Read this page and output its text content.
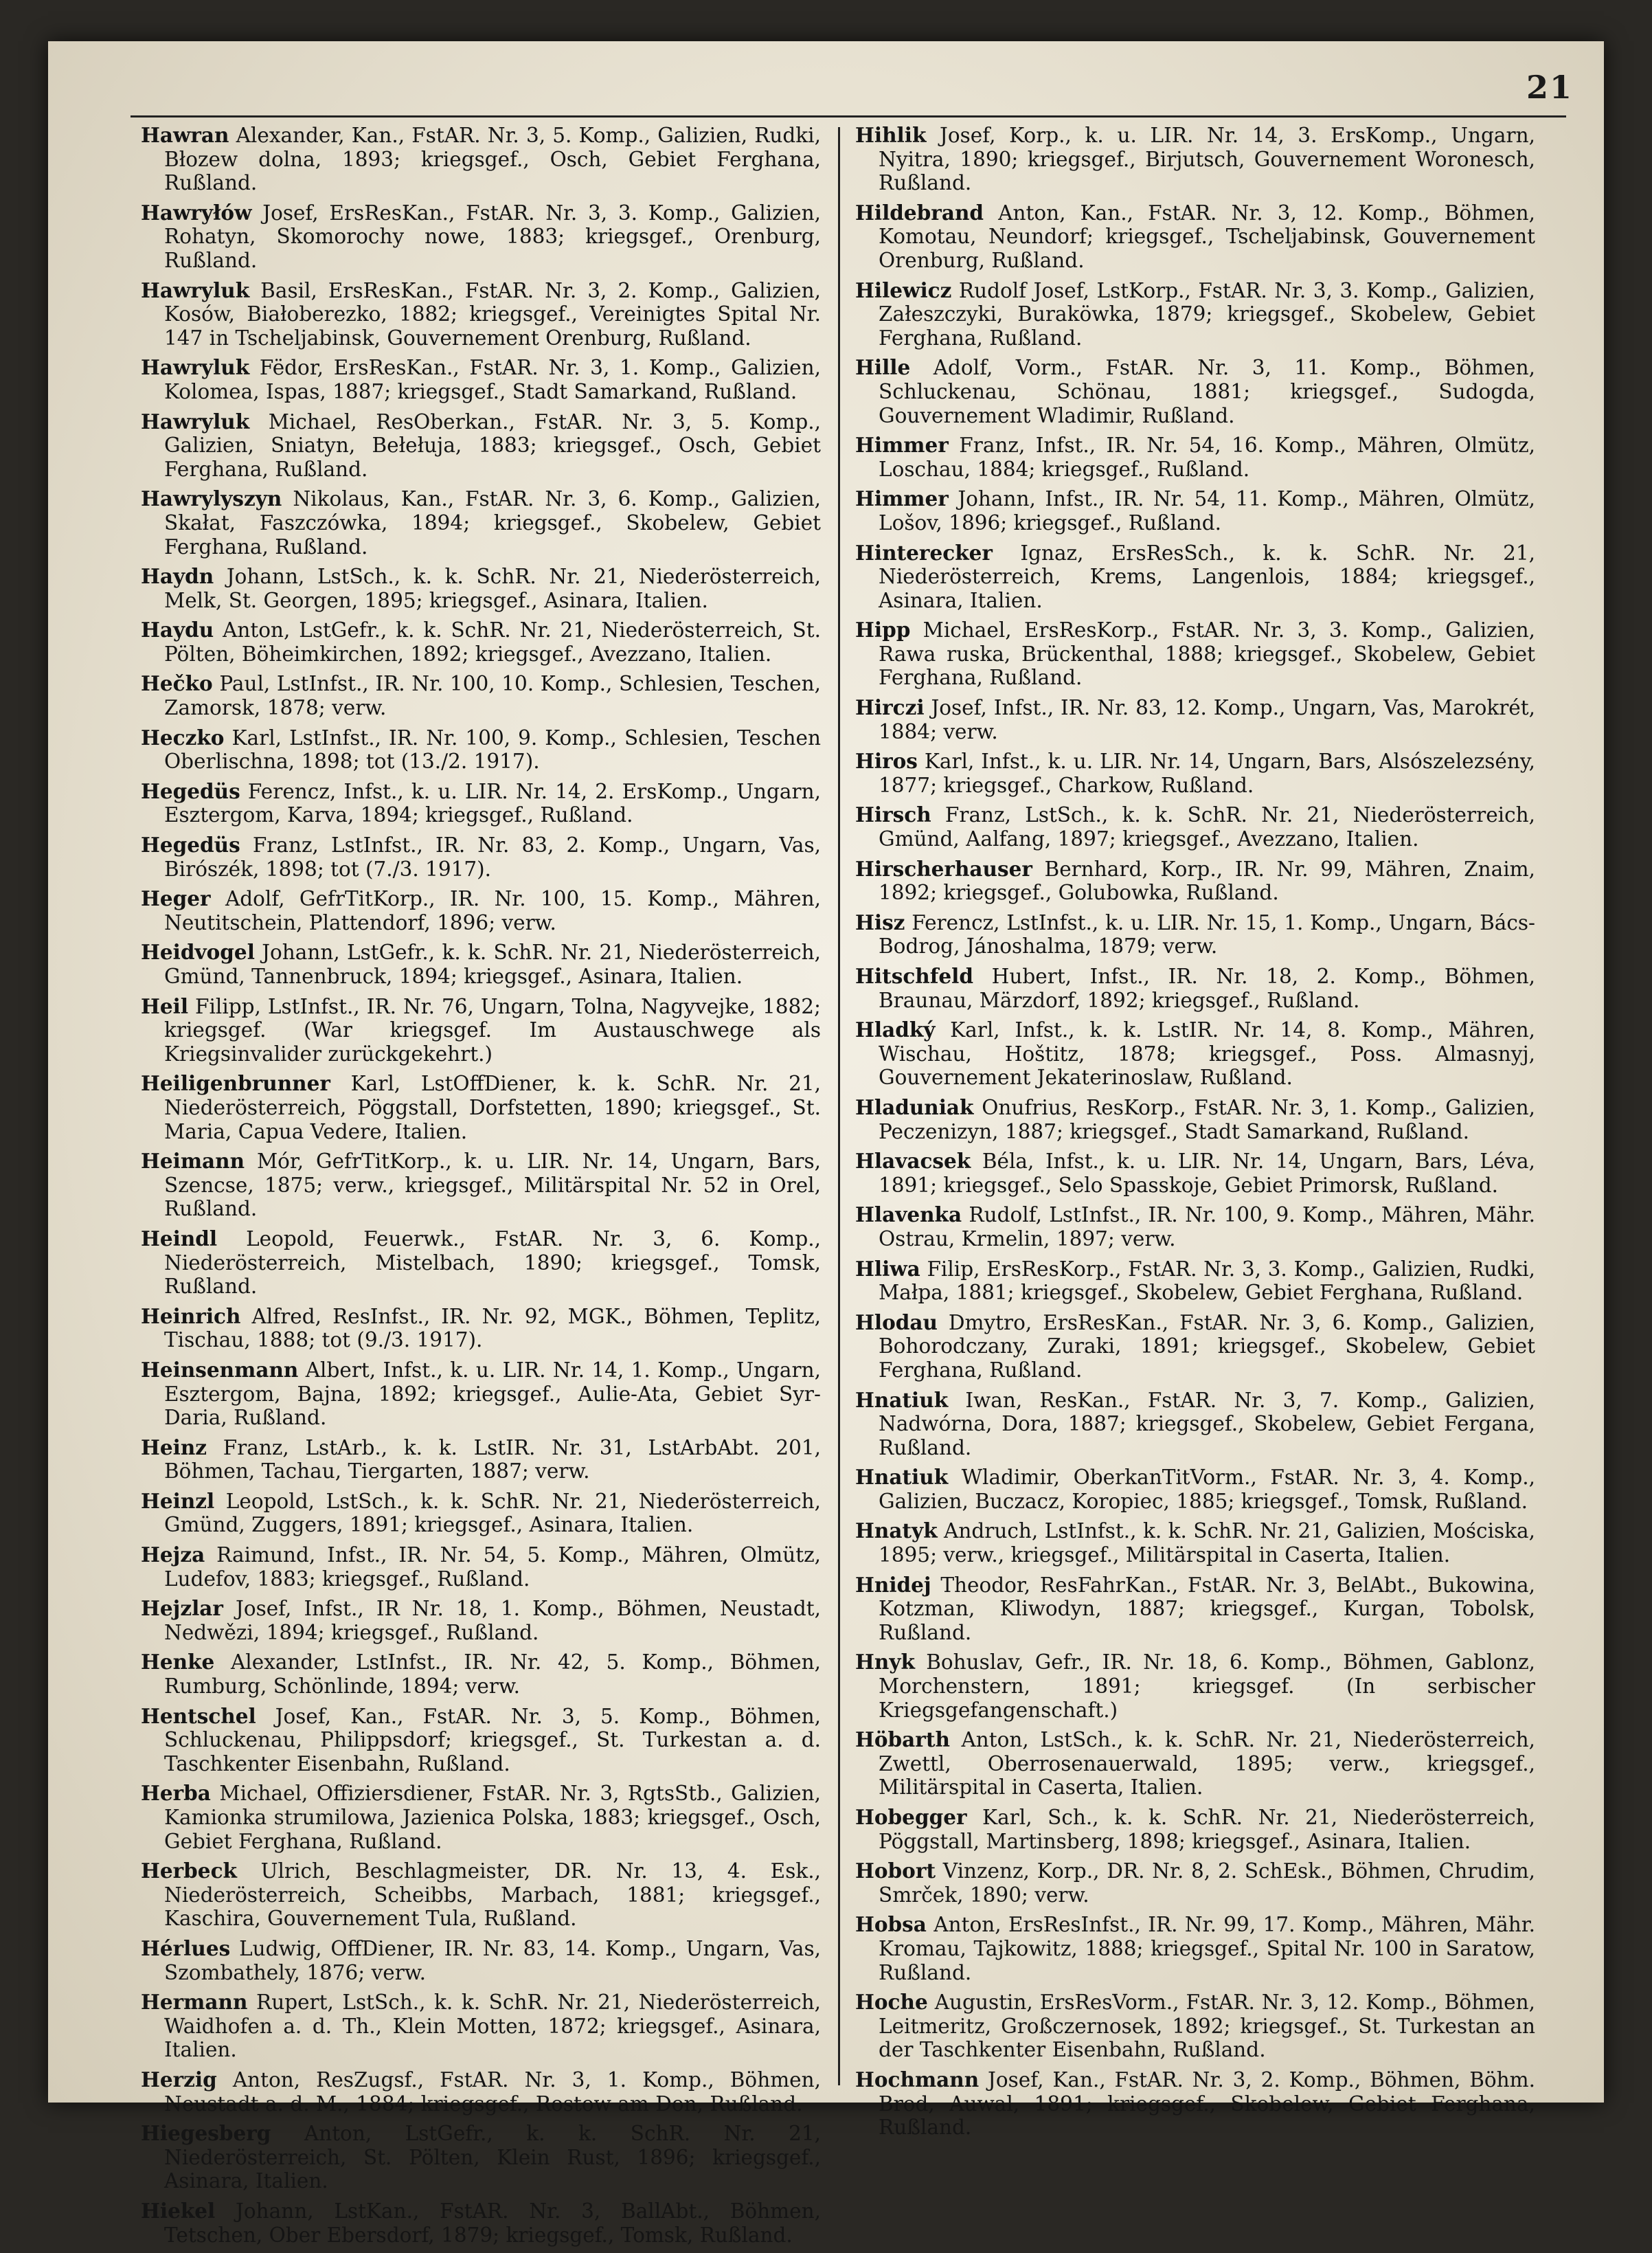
21

Hawran Alexander, Kan., FstAR. Nr. 3, 5. Komp., Galizien, Rudki, Błozew dolna, 1893; kriegsgef., Osch, Gebiet Ferghana, Rußland.

Hawryłów Josef, ErsResKan., FstAR. Nr. 3, 3. Komp., Galizien, Rohatyn, Skomorochy nowe, 1883; kriegsgef., Orenburg, Rußland.

Hawryluk Basil, ErsResKan., FstAR. Nr. 3, 2. Komp., Galizien, Kosów, Białoberezko, 1882; kriegsgef., Vereinigtes Spital Nr. 147 in Tscheljabinsk, Gouvernement Orenburg, Rußland.

Hawryluk Fëdor, ErsResKan., FstAR. Nr. 3, 1. Komp., Galizien, Kolomea, Ispas, 1887; kriegsgef., Stadt Samarkand, Rußland.

Hawryluk Michael, ResOberkan., FstAR. Nr. 3, 5. Komp., Galizien, Sniatyn, Bełełuja, 1883; kriegsgef., Osch, Gebiet Ferghana, Rußland.

Hawrylyszyn Nikolaus, Kan., FstAR. Nr. 3, 6. Komp., Galizien, Skałat, Faszczówka, 1894; kriegsgef., Skobelew, Gebiet Ferghana, Rußland.

Haydn Johann, LstSch., k. k. SchR. Nr. 21, Niederösterreich, Melk, St. Georgen, 1895; kriegsgef., Asinara, Italien.

Haydu Anton, LstGefr., k. k. SchR. Nr. 21, Niederösterreich, St. Pölten, Böheimkirchen, 1892; kriegsgef., Avezzano, Italien.

Hečko Paul, LstInfst., IR. Nr. 100, 10. Komp., Schlesien, Teschen, Zamorsk, 1878; verw.

Heczko Karl, LstInfst., IR. Nr. 100, 9. Komp., Schlesien, Teschen Oberlischna, 1898; tot (13./2. 1917).

Hegedüs Ferencz, Infst., k. u. LIR. Nr. 14, 2. ErsKomp., Ungarn, Esztergom, Karva, 1894; kriegsgef., Rußland.

Hegedüs Franz, LstInfst., IR. Nr. 83, 2. Komp., Ungarn, Vas, Birószék, 1898; tot (7./3. 1917).

Heger Adolf, GefrTitKorp., IR. Nr. 100, 15. Komp., Mähren, Neutitschein, Plattendorf, 1896; verw.

Heidvogel Johann, LstGefr., k. k. SchR. Nr. 21, Niederösterreich, Gmünd, Tannenbruck, 1894; kriegsgef., Asinara, Italien.

Heil Filipp, LstInfst., IR. Nr. 76, Ungarn, Tolna, Nagyvejke, 1882; kriegsgef. (War kriegsgef. Im Austauschwege als Kriegsinvalider zurückgekehrt.)

Heiligenbrunner Karl, LstOffDiener, k. k. SchR. Nr. 21, Niederösterreich, Pöggstall, Dorfstetten, 1890; kriegsgef., St. Maria, Capua Vedere, Italien.

Heimann Mór, GefrTitKorp., k. u. LIR. Nr. 14, Ungarn, Bars, Szencse, 1875; verw., kriegsgef., Militärspital Nr. 52 in Orel, Rußland.

Heindl Leopold, Feuerwk., FstAR. Nr. 3, 6. Komp., Niederösterreich, Mistelbach, 1890; kriegsgef., Tomsk, Rußland.

Heinrich Alfred, ResInfst., IR. Nr. 92, MGK., Böhmen, Teplitz, Tischau, 1888; tot (9./3. 1917).

Heinsenmann Albert, Infst., k. u. LIR. Nr. 14, 1. Komp., Ungarn, Esztergom, Bajna, 1892; kriegsgef., Aulie-Ata, Gebiet Syr-Daria, Rußland.

Heinz Franz, LstArb., k. k. LstIR. Nr. 31, LstArbAbt. 201, Böhmen, Tachau, Tiergarten, 1887; verw.

Heinzl Leopold, LstSch., k. k. SchR. Nr. 21, Niederösterreich, Gmünd, Zuggers, 1891; kriegsgef., Asinara, Italien.

Hejza Raimund, Infst., IR. Nr. 54, 5. Komp., Mähren, Olmütz, Ludefov, 1883; kriegsgef., Rußland.

Hejzlar Josef, Infst., IR Nr. 18, 1. Komp., Böhmen, Neustadt, Nedwězi, 1894; kriegsgef., Rußland.

Henke Alexander, LstInfst., IR. Nr. 42, 5. Komp., Böhmen, Rumburg, Schönlinde, 1894; verw.

Hentschel Josef, Kan., FstAR. Nr. 3, 5. Komp., Böhmen, Schluckenau, Philippsdorf; kriegsgef., St. Turkestan a. d. Taschkenter Eisenbahn, Rußland.

Herba Michael, Offiziersdiener, FstAR. Nr. 3, RgtsStb., Galizien, Kamionka strumilowa, Jazienica Polska, 1883; kriegsgef., Osch, Gebiet Ferghana, Rußland.

Herbeck Ulrich, Beschlagmeister, DR. Nr. 13, 4. Esk., Niederösterreich, Scheibbs, Marbach, 1881; kriegsgef., Kaschira, Gouvernement Tula, Rußland.

Hérlues Ludwig, OffDiener, IR. Nr. 83, 14. Komp., Ungarn, Vas, Szombathely, 1876; verw.

Hermann Rupert, LstSch., k. k. SchR. Nr. 21, Niederösterreich, Waidhofen a. d. Th., Klein Motten, 1872; kriegsgef., Asinara, Italien.

Herzig Anton, ResZugsf., FstAR. Nr. 3, 1. Komp., Böhmen, Neustadt a. d. M., 1884; kriegsgef., Rostow am Don, Rußland.

Hiegesberg Anton, LstGefr., k. k. SchR. Nr. 21, Niederösterreich, St. Pölten, Klein Rust, 1896; kriegsgef., Asinara, Italien.

Hiekel Johann, LstKan., FstAR. Nr. 3, BallAbt., Böhmen, Tetschen, Ober Ebersdorf, 1879; kriegsgef., Tomsk, Rußland.

Hihlik Josef, Korp., k. u. LIR. Nr. 14, 3. ErsKomp., Ungarn, Nyitra, 1890; kriegsgef., Birjutsch, Gouvernement Woronesch, Rußland.

Hildebrand Anton, Kan., FstAR. Nr. 3, 12. Komp., Böhmen, Komotau, Neundorf; kriegsgef., Tscheljabinsk, Gouvernement Orenburg, Rußland.

Hilewicz Rudolf Josef, LstKorp., FstAR. Nr. 3, 3. Komp., Galizien, Załeszczyki, Buraköwka, 1879; kriegsgef., Skobelew, Gebiet Ferghana, Rußland.

Hille Adolf, Vorm., FstAR. Nr. 3, 11. Komp., Böhmen, Schluckenau, Schönau, 1881; kriegsgef., Sudogda, Gouvernement Wladimir, Rußland.

Himmer Franz, Infst., IR. Nr. 54, 16. Komp., Mähren, Olmütz, Loschau, 1884; kriegsgef., Rußland.

Himmer Johann, Infst., IR. Nr. 54, 11. Komp., Mähren, Olmütz, Lošov, 1896; kriegsgef., Rußland.

Hinterecker Ignaz, ErsResSch., k. k. SchR. Nr. 21, Niederösterreich, Krems, Langenlois, 1884; kriegsgef., Asinara, Italien.

Hipp Michael, ErsResKorp., FstAR. Nr. 3, 3. Komp., Galizien, Rawa ruska, Brückenthal, 1888; kriegsgef., Skobelew, Gebiet Ferghana, Rußland.

Hirczi Josef, Infst., IR. Nr. 83, 12. Komp., Ungarn, Vas, Marokrét, 1884; verw.

Hiros Karl, Infst., k. u. LIR. Nr. 14, Ungarn, Bars, Alsószelezsény, 1877; kriegsgef., Charkow, Rußland.

Hirsch Franz, LstSch., k. k. SchR. Nr. 21, Niederösterreich, Gmünd, Aalfang, 1897; kriegsgef., Avezzano, Italien.

Hirscherhauser Bernhard, Korp., IR. Nr. 99, Mähren, Znaim, 1892; kriegsgef., Golubowka, Rußland.

Hisz Ferencz, LstInfst., k. u. LIR. Nr. 15, 1. Komp., Ungarn, Bács-Bodrog, Jánoshalma, 1879; verw.

Hitschfeld Hubert, Infst., IR. Nr. 18, 2. Komp., Böhmen, Braunau, Märzdorf, 1892; kriegsgef., Rußland.

Hladký Karl, Infst., k. k. LstIR. Nr. 14, 8. Komp., Mähren, Wischau, Hoštitz, 1878; kriegsgef., Poss. Almasnyj, Gouvernement Jekaterinoslaw, Rußland.

Hladuniak Onufrius, ResKorp., FstAR. Nr. 3, 1. Komp., Galizien, Peczenizyn, 1887; kriegsgef., Stadt Samarkand, Rußland.

Hlavacsek Béla, Infst., k. u. LIR. Nr. 14, Ungarn, Bars, Léva, 1891; kriegsgef., Selo Spasskoje, Gebiet Primorsk, Rußland.

Hlavenka Rudolf, LstInfst., IR. Nr. 100, 9. Komp., Mähren, Mähr. Ostrau, Krmelin, 1897; verw.

Hliwa Filip, ErsResKorp., FstAR. Nr. 3, 3. Komp., Galizien, Rudki, Małpa, 1881; kriegsgef., Skobelew, Gebiet Ferghana, Rußland.

Hlodau Dmytro, ErsResKan., FstAR. Nr. 3, 6. Komp., Galizien, Bohorodczany, Zuraki, 1891; kriegsgef., Skobelew, Gebiet Ferghana, Rußland.

Hnatiuk Iwan, ResKan., FstAR. Nr. 3, 7. Komp., Galizien, Nadwórna, Dora, 1887; kriegsgef., Skobelew, Gebiet Fergana, Rußland.

Hnatiuk Wladimir, OberkanTitVorm., FstAR. Nr. 3, 4. Komp., Galizien, Buczacz, Koropiec, 1885; kriegsgef., Tomsk, Rußland.

Hnatyk Andruch, LstInfst., k. k. SchR. Nr. 21, Galizien, Mościska, 1895; verw., kriegsgef., Militärspital in Caserta, Italien.

Hnidej Theodor, ResFahrKan., FstAR. Nr. 3, BelAbt., Bukowina, Kotzman, Kliwodyn, 1887; kriegsgef., Kurgan, Tobolsk, Rußland.

Hnyk Bohuslav, Gefr., IR. Nr. 18, 6. Komp., Böhmen, Gablonz, Morchenstern, 1891; kriegsgef. (In serbischer Kriegsgefangenschaft.)

Höbarth Anton, LstSch., k. k. SchR. Nr. 21, Niederösterreich, Zwettl, Oberrosenauerwald, 1895; verw., kriegsgef., Militärspital in Caserta, Italien.

Hobegger Karl, Sch., k. k. SchR. Nr. 21, Niederösterreich, Pöggstall, Martinsberg, 1898; kriegsgef., Asinara, Italien.

Hobort Vinzenz, Korp., DR. Nr. 8, 2. SchEsk., Böhmen, Chrudim, Smrček, 1890; verw.

Hobsa Anton, ErsResInfst., IR. Nr. 99, 17. Komp., Mähren, Mähr. Kromau, Tajkowitz, 1888; kriegsgef., Spital Nr. 100 in Saratow, Rußland.

Hoche Augustin, ErsResVorm., FstAR. Nr. 3, 12. Komp., Böhmen, Leitmeritz, Großczernosek, 1892; kriegsgef., St. Turkestan an der Taschkenter Eisenbahn, Rußland.

Hochmann Josef, Kan., FstAR. Nr. 3, 2. Komp., Böhmen, Böhm. Brod, Auwal, 1891; kriegsgef., Skobelew, Gebiet Ferghana, Rußland.
